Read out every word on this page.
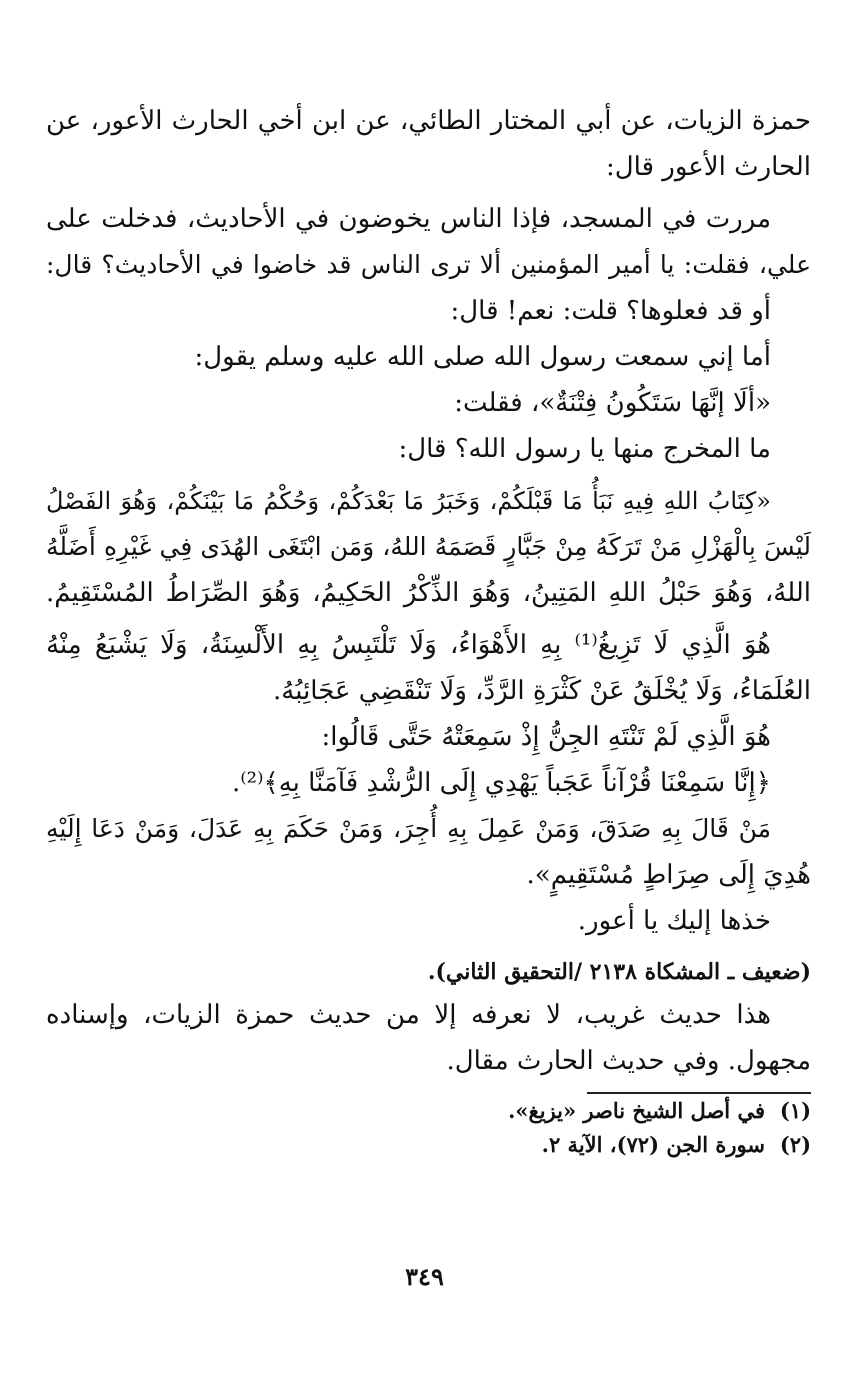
حمزة الزيات، عن أبي المختار الطائي، عن ابن أخي الحارث الأعور، عن
الحارث الأعور قال:
مررت في المسجد، فإذا الناس يخوضون في الأحاديث، فدخلت على
علي، فقلت: يا أمير المؤمنين ألا ترى الناس قد خاضوا في الأحاديث؟ قال:
أو قد فعلوها؟ قلت: نعم! قال:
أما إني سمعت رسول الله صلى الله عليه وسلم يقول:
«ألَا إنَّهَا سَتَكُونُ فِتْنَةٌ»، فقلت:
ما المخرج منها يا رسول الله؟ قال:
«كِتَابُ اللهِ فِيهِ نَبَأُ مَا قَبْلَكُمْ، وَخَبَرُ مَا بَعْدَكُمْ، وَحُكْمُ مَا بَيْنَكُمْ، وَهُوَ الفَصْلُ
لَيْسَ بِالْهَزْلِ مَنْ تَرَكَهُ مِنْ جَبَّارٍ قَصَمَهُ اللهُ، وَمَن ابْتَغَى الهُدَى فِي غَيْرِهِ أَضَلَّهُ
اللهُ، وَهُوَ حَبْلُ اللهِ المَتِينُ، وَهُوَ الذِّكْرُ الحَكِيمُ، وَهُوَ الصِّرَاطُ المُسْتَقِيمُ.
هُوَ الَّذِي لَا تَزِيغُ⁽¹⁾ بِهِ الأَهْوَاءُ، وَلَا تَلْتَبِسُ بِهِ الأَلْسِنَةُ، وَلَا يَشْبَعُ مِنْهُ
العُلَمَاءُ، وَلَا يُخْلَقُ عَنْ كَثْرَةِ الرَّدِّ، وَلَا تَنْقَضِي عَجَائِبُهُ.
هُوَ الَّذِي لَمْ تَنْتَهِ الجِنُّ إِذْ سَمِعَتْهُ حَتَّى قَالُوا:
﴿إِنَّا سَمِعْنَا قُرْآناً عَجَباً يَهْدِي إِلَى الرُّشْدِ فَآمَنَّا بِهِ﴾⁽²⁾.
مَنْ قَالَ بِهِ صَدَقَ، وَمَنْ عَمِلَ بِهِ أُجِرَ، وَمَنْ حَكَمَ بِهِ عَدَلَ، وَمَنْ دَعَا إِلَيْهِ
هُدِيَ إِلَى صِرَاطٍ مُسْتَقِيمٍ».
خذها إليك يا أعور.
(ضعيف ـ المشكاة ٢١٣٨ /التحقيق الثاني).
هذا حديث غريب، لا نعرفه إلا من حديث حمزة الزيات، وإسناده
مجهول. وفي حديث الحارث مقال.
(١)في أصل الشيخ ناصر «يزيغ».
(٢)سورة الجن (٧٢)، الآية ٢.
٣٤٩
